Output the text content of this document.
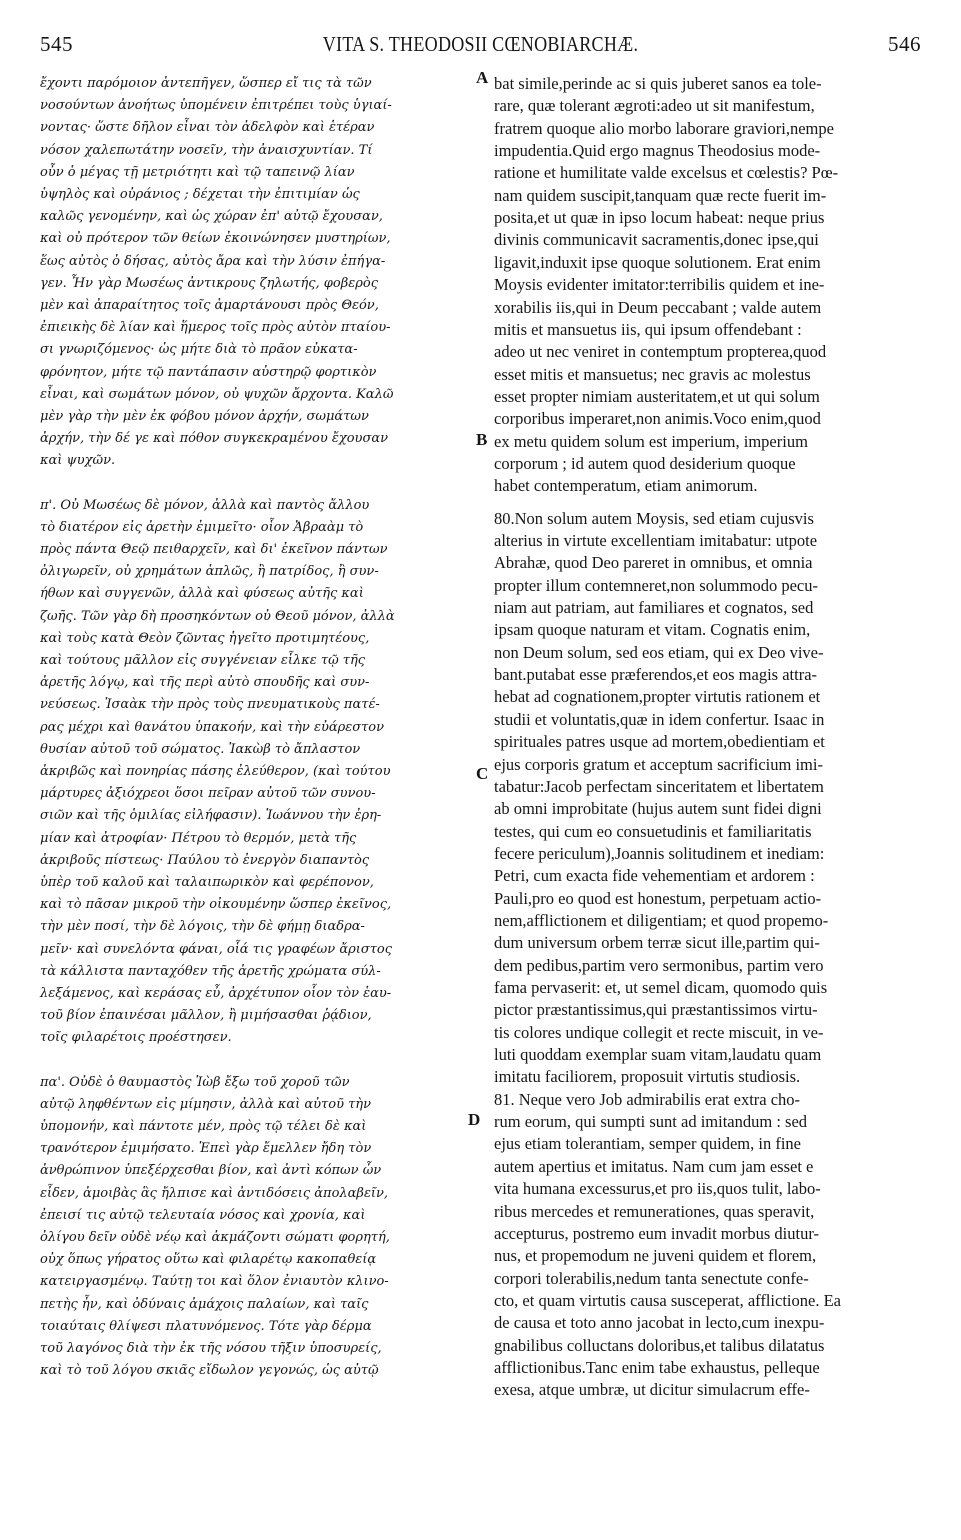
545	VITA S. THEODOSII CŒNOBIARCHÆ.	546
ἔχοντι παρόμοιον ἀντεπῆγεν, ὥσπερ εἴ τις τὰ τῶν
νοσούντων ἀνοήτως ὑπομένειν ἐπιτρέπει τοὺς ὑγιαί-
νοντας· ὥστε δῆλον εἶναι τὸν ἀδελφὸν καὶ ἑτέραν
νόσον χαλεπωτάτην νοσεῖν, τὴν ἀναισχυντίαν. Τί
οὖν ὁ μέγας τῇ μετριότητι καὶ τῷ ταπεινῷ λίαν
ὑψηλὸς καὶ οὐράνιος ; δέχεται τὴν ἐπιτιμίαν ὡς
καλῶς γενομένην, καὶ ὡς χώραν ἐπ' αὐτῷ ἔχουσαν,
καὶ οὐ πρότερον τῶν θείων ἐκοινώνησεν μυστηρίων,
ἕως αὐτὸς ὁ δήσας, αὐτὸς ἄρα καὶ τὴν λύσιν ἐπήγα-
γεν. Ἦν γὰρ Μωσέως ἀντικρους ζηλωτής, φοβερὸς
μὲν καὶ ἀπαραίτητος τοῖς ἁμαρτάνουσι πρὸς Θεόν,
ἐπιεικὴς δὲ λίαν καὶ ἥμερος τοῖς πρὸς αὐτὸν πταίου-
σι γνωριζόμενος· ὡς μήτε διὰ τὸ πρᾶον εὐκατα-
φρόνητον, μήτε τῷ παντάπασιν αὐστηρῷ φορτικὸν
εἶναι, καὶ σωμάτων μόνον, οὐ ψυχῶν ἄρχοντα. Καλῶ
μὲν γὰρ τὴν μὲν ἐκ φόβου μόνον ἀρχήν, σωμάτων
ἀρχήν, τὴν δέ γε καὶ πόθον συγκεκραμένου ἔχουσαν
καὶ ψυχῶν.
π'. Οὐ Μωσέως δὲ μόνον, ἀλλὰ καὶ παντὸς ἄλλου
τὸ διατέρον εἰς ἀρετὴν ἐμιμεῖτο· οἷον Ἀβραὰμ τὸ
πρὸς πάντα Θεῷ πειθαρχεῖν, καὶ δι' ἐκεῖνον πάντων
ὀλιγωρεῖν, οὐ χρημάτων ἁπλῶς, ἢ πατρίδος, ἢ συν-
ήθων καὶ συγγενῶν, ἀλλὰ καὶ φύσεως αὐτῆς καὶ
ζωῆς. Τῶν γὰρ δὴ προσηκόντων οὐ Θεοῦ μόνον, ἀλλὰ
καὶ τοὺς κατὰ Θεὸν ζῶντας ἡγεῖτο προτιμητέους,
καὶ τούτους μᾶλλον εἰς συγγένειαν εἷλκε τῷ τῆς
ἀρετῆς λόγῳ, καὶ τῆς περὶ αὐτὸ σπουδῆς καὶ συν-
νεύσεως. Ἰσαὰκ τὴν πρὸς τοὺς πνευματικοὺς πατέ-
ρας μέχρι καὶ θανάτου ὑπακοήν, καὶ τὴν εὐάρεστον
θυσίαν αὐτοῦ τοῦ σώματος. Ἰακὼβ τὸ ἄπλαστον
ἀκριβῶς καὶ πονηρίας πάσης ἐλεύθερον, (καὶ τούτου
μάρτυρες ἀξιόχρεοι ὅσοι πεῖραν αὐτοῦ τῶν συνου-
σιῶν καὶ τῆς ὁμιλίας εἰλήφασιν). Ἰωάννου τὴν ἐρη-
μίαν καὶ ἀτροφίαν· Πέτρου τὸ θερμόν, μετὰ τῆς
ἀκριβοῦς πίστεως· Παύλου τὸ ἐνεργὸν διαπαντὸς
ὑπὲρ τοῦ καλοῦ καὶ ταλαιπωρικὸν καὶ φερέπονον,
καὶ τὸ πᾶσαν μικροῦ τὴν οἰκουμένην ὥσπερ ἐκεῖνος,
τὴν μὲν ποσί, τὴν δὲ λόγοις, τὴν δὲ φήμῃ διαδρα-
μεῖν· καὶ συνελόντα φάναι, οἷά τις γραφέων ἄριστος
τὰ κάλλιστα πανταχόθεν τῆς ἀρετῆς χρώματα σύλ-
λεξάμενος, καὶ κεράσας εὖ, ἀρχέτυπον οἷον τὸν ἑαυ-
τοῦ βίον ἐπαινέσαι μᾶλλον, ἢ μιμήσασθαι ῥᾴδιον,
τοῖς φιλαρέτοις προέστησεν.
πα'. Οὐδὲ ὁ θαυμαστὸς Ἰὼβ ἔξω τοῦ χοροῦ τῶν
αὐτῷ ληφθέντων εἰς μίμησιν, ἀλλὰ καὶ αὐτοῦ τὴν
ὑπομονήν, καὶ πάντοτε μέν, πρὸς τῷ τέλει δὲ καὶ
τρανότερον ἐμιμήσατο. Ἐπεὶ γὰρ ἔμελλεν ἤδη τὸν
ἀνθρώπινον ὑπεξέρχεσθαι βίον, καὶ ἀντὶ κόπων ὧν
εἶδεν, ἀμοιβὰς ἃς ἤλπισε καὶ ἀντιδόσεις ἀπολαβεῖν,
ἐπεισί τις αὐτῷ τελευταία νόσος καὶ χρονία, καὶ
ὀλίγου δεῖν οὐδὲ νέῳ καὶ ἀκμάζοντι σώματι φορητή,
οὐχ ὅπως γήρατος οὕτω καὶ φιλαρέτῳ κακοπαθείᾳ
κατειργασμένῳ. Ταύτῃ τοι καὶ ὅλον ἐνιαυτὸν κλινο-
πετὴς ἦν, καὶ ὀδύναις ἀμάχοις παλαίων, καὶ ταῖς
τοιαύταις θλίψεσι πλατυνόμενος. Τότε γὰρ δέρμα
τοῦ λαγόνος διὰ τὴν ἐκ τῆς νόσου τῆξιν ὑποσυρείς,
καὶ τὸ τοῦ λόγου σκιᾶς εἴδωλον γεγονώς, ὡς αὐτῷ
bat simile,perinde ac si quis juberet sanos ea tole-
rare, quæ tolerant ægroti:adeo ut sit manifestum,
fratrem quoque alio morbo laborare graviori,nempe
impudentia.Quid ergo magnus Theodosius mode-
ratione et humilitate valde excelsus et cœlestis? Pœ-
nam quidem suscipit,tanquam quæ recte fuerit im-
posita,et ut quæ in ipso locum habeat: neque prius
divinis communicavit sacramentis,donec ipse,qui
ligavit,induxit ipse quoque solutionem. Erat enim
Moysis evidenter imitator:terribilis quidem et ine-
xorabilis iis,qui in Deum peccabant ; valde autem
mitis et mansuetus iis, qui ipsum offendebant :
adeo ut nec veniret in contemptum propterea,quod
esset mitis et mansuetus; nec gravis ac molestus
esset propter nimiam austeritatem,et ut qui solum
corporibus imperaret,non animis.Voco enim,quod
ex metu quidem solum est imperium, imperium
corporum ; id autem quod desiderium quoque
habet contemperatum, etiam animorum.
80.Non solum autem Moysis, sed etiam cujusvis
alterius in virtute excellentiam imitabatur: utpote
Abrahæ, quod Deo pareret in omnibus, et omnia
propter illum contemneret,non solummodo pecu-
niam aut patriam, aut familiares et cognatos, sed
ipsam quoque naturam et vitam. Cognatis enim,
non Deum solum, sed eos etiam, qui ex Deo vive-
bant.putabat esse præferendos,et eos magis attra-
hebat ad cognationem,propter virtutis rationem et
studii et voluntatis,quæ in idem confertur. Isaac in
spirituales patres usque ad mortem,obedientiam et
ejus corporis gratum et acceptum sacrificium imi-
tabatur:Jacob perfectam sinceritatem et libertatem
ab omni improbitate (hujus autem sunt fidei digni
testes, qui cum eo consuetudinis et familiaritatis
fecere periculum),Joannis solitudinem et inediam:
Petri, cum exacta fide vehementiam et ardorem :
Pauli,pro eo quod est honestum, perpetuam actio-
nem,afflictionem et diligentiam; et quod propemo-
dum universum orbem terræ sicut ille,partim qui-
dem pedibus,partim vero sermonibus, partim vero
fama pervaserit: et, ut semel dicam, quomodo quis
pictor præstantissimus,qui præstantissimos virtu-
tis colores undique collegit et recte miscuit, in ve-
luti quoddam exemplar suam vitam,laudatu quam
imitatu faciliorem, proposuit virtutis studiosis.
81. Neque vero Job admirabilis erat extra cho-
rum eorum, qui sumpti sunt ad imitandum : sed
ejus etiam tolerantiam, semper quidem, in fine
autem apertius et imitatus. Nam cum jam esset e
vita humana excessurus,et pro iis,quos tulit, labo-
ribus mercedes et remunerationes, quas speravit,
accepturus, postremo eum invadit morbus diutur-
nus, et propemodum ne juveni quidem et florem,
corpori tolerabilis,nedum tanta senectute confe-
cto, et quam virtutis causa susceperat, afflictione. Ea
de causa et toto anno jacobat in lecto,cum inexpu-
gnabilibus colluctans doloribus,et talibus dilatatus
afflictionibus.Tanc enim tabe exhaustus, pelleque
exesa, atque umbræ, ut dicitur simulacrum effe-
A
B
C
D
